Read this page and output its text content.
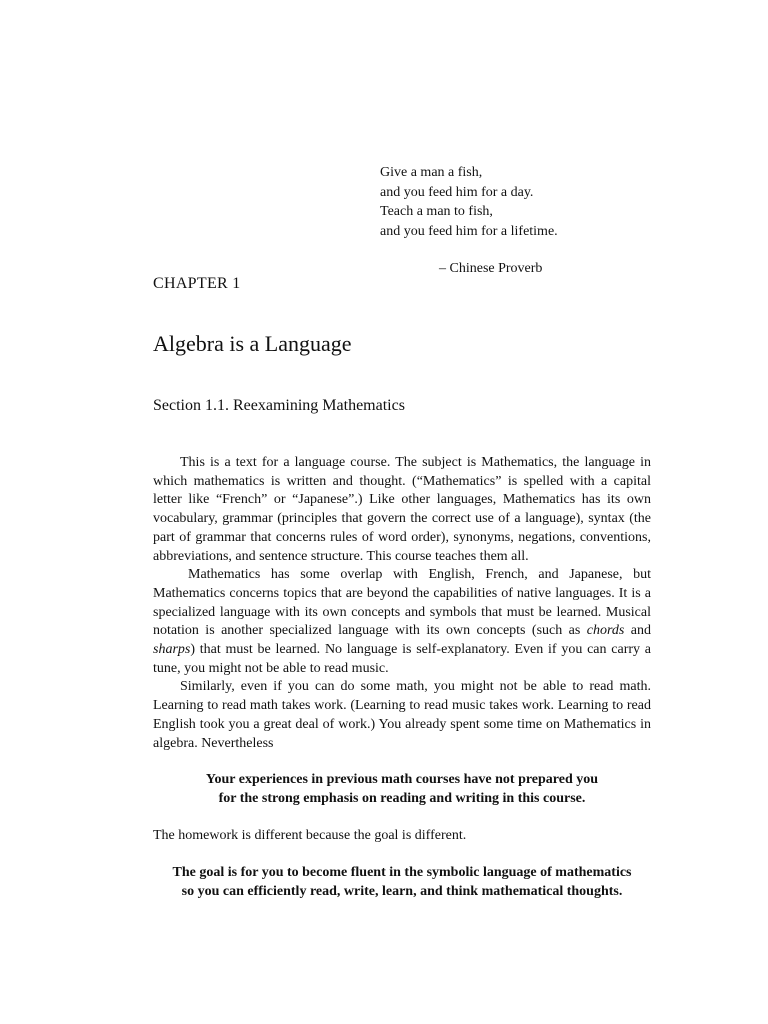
Give a man a fish,
and you feed him for a day.
Teach a man to fish,
and you feed him for a lifetime.
– Chinese Proverb
CHAPTER 1
Algebra is a Language
Section 1.1. Reexamining Mathematics

This is a text for a language course. The subject is Mathematics, the language in which mathematics is written and thought. (“Mathematics” is spelled with a capital letter like “French” or “Japanese”.) Like other languages, Mathematics has its own vocabulary, grammar (principles that govern the correct use of a language), syntax (the part of grammar that concerns rules of word order), synonyms, negations, conventions, abbreviations, and sentence structure. This course teaches them all.

Mathematics has some overlap with English, French, and Japanese, but Mathematics concerns topics that are beyond the capabilities of native languages. It is a specialized language with its own concepts and symbols that must be learned. Musical notation is another specialized language with its own concepts (such as chords and sharps) that must be learned. No language is self-explanatory. Even if you can carry a tune, you might not be able to read music.

Similarly, even if you can do some math, you might not be able to read math. Learning to read math takes work. (Learning to read music takes work. Learning to read English took you a great deal of work.) You already spent some time on Mathematics in algebra. Nevertheless

Your experiences in previous math courses have not prepared you
for the strong emphasis on reading and writing in this course.

The homework is different because the goal is different.

The goal is for you to become fluent in the symbolic language of mathematics
so you can efficiently read, write, learn, and think mathematical thoughts.
